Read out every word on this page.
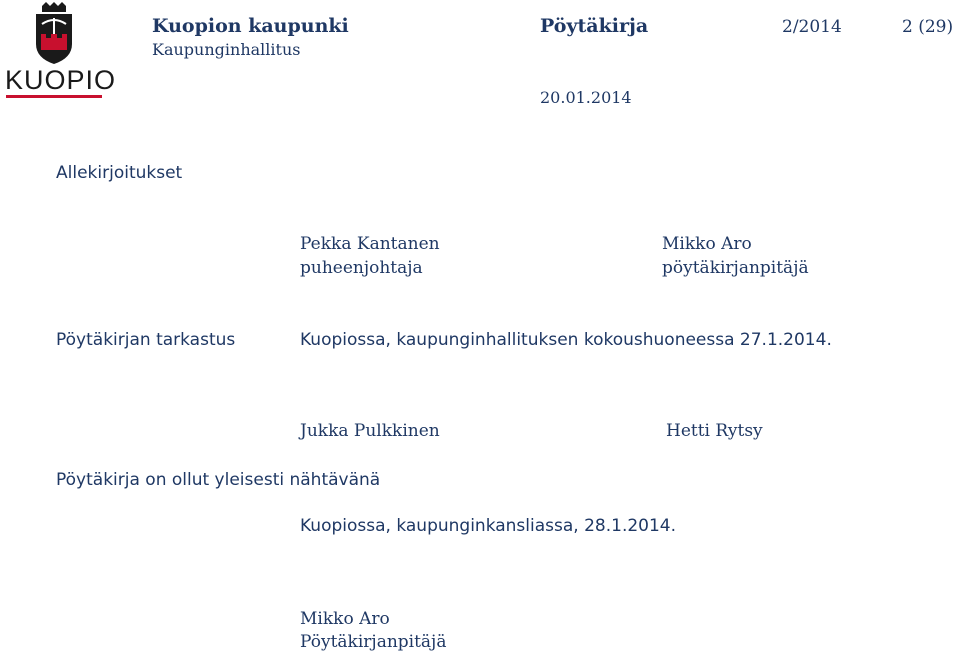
KUOPIO
Kuopion kaupunki
Kaupunginhallitus
Pöytäkirja	2/2014	2 (29)
20.01.2014
Allekirjoitukset
Pekka Kantanen
puheenjohtaja
Mikko Aro
pöytäkirjanpitäjä
Pöytäkirjan tarkastus	Kuopiossa, kaupunginhallituksen kokoushuoneessa 27.1.2014.
Jukka Pulkkinen	Hetti Rytsy
Pöytäkirja on ollut yleisesti nähtävänä
Kuopiossa, kaupunginkansliassa, 28.1.2014.
Mikko Aro
Pöytäkirjanpitäjä
